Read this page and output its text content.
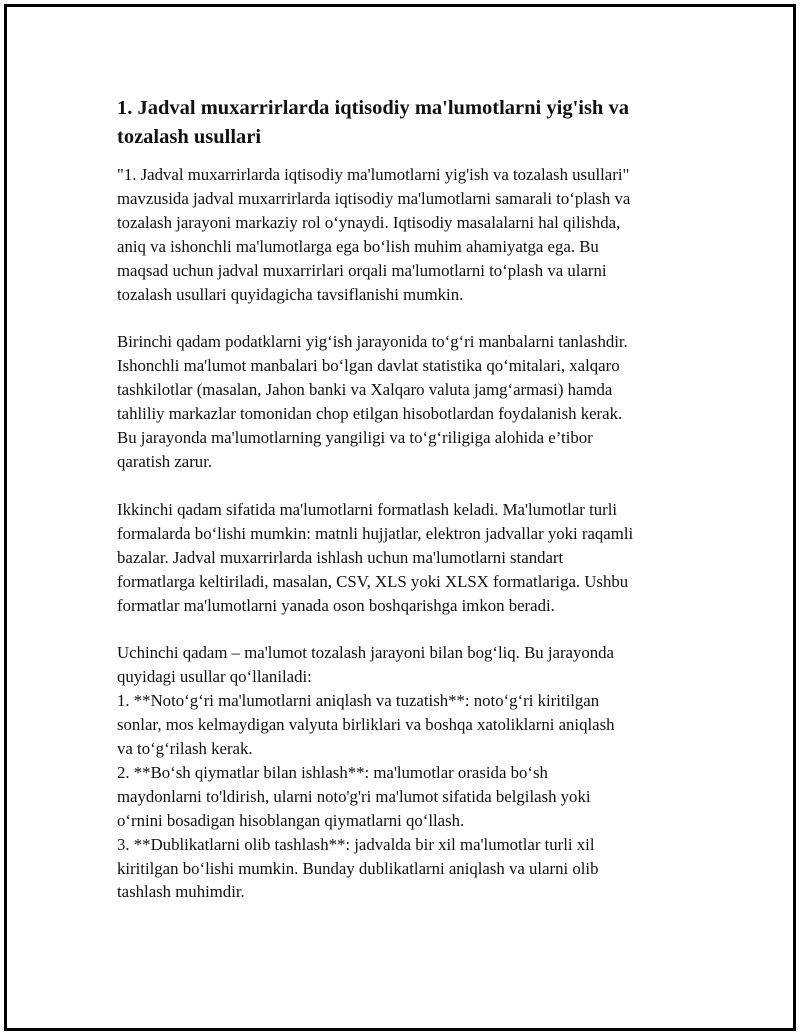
1. Jadval muxarrirlarda iqtisodiy ma'lumotlarni yig'ish va tozalash usullari

"1. Jadval muxarrirlarda iqtisodiy ma'lumotlarni yig'ish va tozalash usullari"
mavzusida jadval muxarrirlarda iqtisodiy ma'lumotlarni samarali to‘plash va
tozalash jarayoni markaziy rol o‘ynaydi. Iqtisodiy masalalarni hal qilishda,
aniq va ishonchli ma'lumotlarga ega bo‘lish muhim ahamiyatga ega. Bu
maqsad uchun jadval muxarrirlari orqali ma'lumotlarni to‘plash va ularni
tozalash usullari quyidagicha tavsiflanishi mumkin.

Birinchi qadam podatklarni yig‘ish jarayonida to‘g‘ri manbalarni tanlashdir.
Ishonchli ma'lumot manbalari bo‘lgan davlat statistika qo‘mitalari, xalqaro
tashkilotlar (masalan, Jahon banki va Xalqaro valuta jamg‘armasi) hamda
tahliliy markazlar tomonidan chop etilgan hisobotlardan foydalanish kerak.
Bu jarayonda ma'lumotlarning yangiligi va to‘g‘riligiga alohida e’tibor
qaratish zarur.

Ikkinchi qadam sifatida ma'lumotlarni formatlash keladi. Ma'lumotlar turli
formalarda bo‘lishi mumkin: matnli hujjatlar, elektron jadvallar yoki raqamli
bazalar. Jadval muxarrirlarda ishlash uchun ma'lumotlarni standart
formatlarga keltiriladi, masalan, CSV, XLS yoki XLSX formatlariga. Ushbu
formatlar ma'lumotlarni yanada oson boshqarishga imkon beradi.

Uchinchi qadam – ma'lumot tozalash jarayoni bilan bog‘liq. Bu jarayonda
quyidagi usullar qo‘llaniladi:
1. **Noto‘g‘ri ma'lumotlarni aniqlash va tuzatish**: noto‘g‘ri kiritilgan
sonlar, mos kelmaydigan valyuta birliklari va boshqa xatoliklarni aniqlash
va to‘g‘rilash kerak.
2. **Bo‘sh qiymatlar bilan ishlash**: ma'lumotlar orasida bo‘sh
maydonlarni to'ldirish, ularni noto'g'ri ma'lumot sifatida belgilash yoki
o‘rnini bosadigan hisoblangan qiymatlarni qo‘llash.
3. **Dublikatlarni olib tashlash**: jadvalda bir xil ma'lumotlar turli xil
kiritilgan bo‘lishi mumkin. Bunday dublikatlarni aniqlash va ularni olib
tashlash muhimdir.
